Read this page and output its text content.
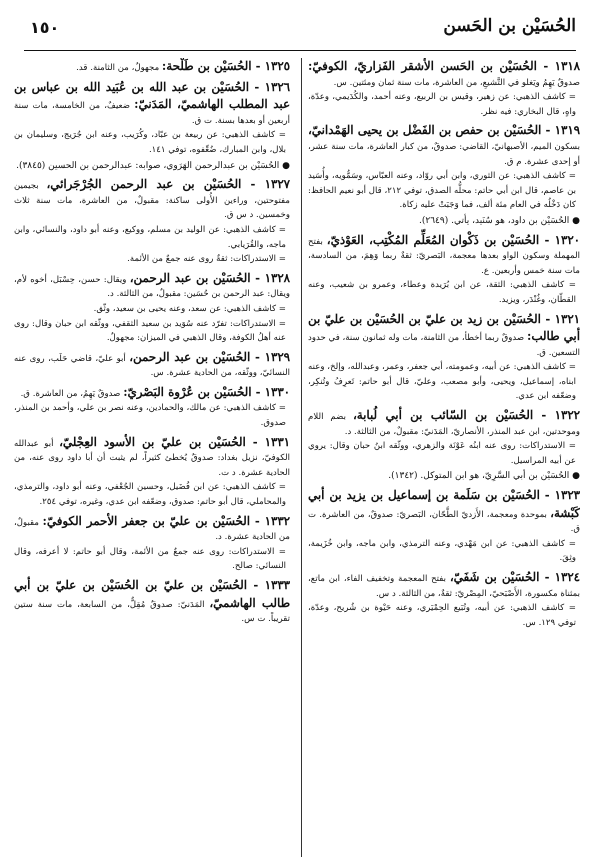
الحُسَيْن بن الحَسن
١٥٠

١٣١٨ - الحُسَيْن بن الحَسن الأشقر الفَزاريّ، الكوفيّ: صدوقٌ يَهِمُ ويَغلو في التَّشيعِ، من العاشرة، مات سنة ثمان ومئتين. س.

= كاشف الذهبي: عن زهير، وقيس بن الربيع، وعنه أحمد، والكُدَيمي، وعدّة، واهٍ، قال البخاري: فيه نظر.

١٣١٩ - الحُسَيْن بن حفص بن الفَضْل بن يحيى الهَمْدانيّ، بسكون الميم، الأصبهانيّ، القاضي: صدوقٌ، من كبار العاشرة، مات سنة عشر، أو إحدى عشرة. م ق.

= كاشف الذهبي: عن الثوري، وابن أبي روّاد، وعنه العبّاس، وسَمُّويه، وأُسَيد بن عاصم، قال ابن أبي حاتم: محلُّه الصدق، توفي ٢١٢، قال أبو نعيم الحافظ: كان دَخْلُه في العام مئة ألف، فما وَجَبَتْ عليه زكاة.

● الحُسَيْن بن داود، هو سُنَيد، يأتي. (٢٦٤٩).

١٣٢٠ - الحُسَيْن بن ذَكْوان المُعَلِّم المُكْتِب، العَوْذيّ، بفتح المهملة وسكون الواو بعدها معجمة، البَصريّ: ثقةٌ ربما وَهِمَ، من السادسة، مات سنة خمس وأربعين. ع.

= كاشف الذهبي: الثقة، عن ابن بُرَيدة وعطاء، وعمرو بن شعيب، وعنه القطّان، وغُنْدَر، ويزيد.

١٣٢١ - الحُسَيْن بن زيد بن عليّ بن الحُسَيْن بن عليّ بن أبي طالب: صدوقٌ ربما أخطأ، من الثامنة، مات وله ثمانون سنة، في حدود التسعين. ق.

= كاشف الذهبي: عن أبيه، وعمومته، أبي جعفر، وعمر، وعبدالله، وإلخ، وعنه ابناه، إسماعيل، ويحيى، وأبو مصعب، وعليّ، قال أبو حاتم: تَعرِفُ وتُنكِر، وضعّفه ابن عدي.

١٣٢٢ - الحُسَيْن بن السّائب بن أبي لُبابة، بضم اللام وموحدتين، ابن عبد المنذر، الأنصاريّ، المَدَنيّ: مقبولٌ، من الثالثة. د.

= الاستدراكات: روى عنه ابنُه عَوْنَة والزهري، ووثّقه ابنُ حبان وقال: يروي عن أبيه المراسيل.

● الحُسَيْن بن أبي السَّرِيّ، هو ابن المتوكل. (١٣٤٢).

١٣٢٣ - الحُسَيْن بن سَلَمة بن إسماعيل بن يزيد بن أبي كَبْشة، بموحدة ومعجمة، الأَزديّ الطَّحّان، البَصريّ: صدوقٌ، من العاشرة. ت ق.

= كاشف الذهبي: عن ابن مَهْدي، وعنه الترمذي، وابن ماجه، وابن خُزَيمة، وثِقَ.

١٣٢٤ - الحُسَيْن بن شَفَيّ، بفتح المعجمة وتخفيف الفاء، ابن ماتع، بمثناة مكسورة، الأَصْبَحيّ، المِصْريّ: ثقةٌ، من الثالثة. د س.

= كاشف الذهبي: عن أبيه، وتُبَيع الحِمْيَري، وعنه حَيْوة بن شُريح، وعدّة، توفي ١٢٩. س.

١٣٢٥ - الحُسَيْن بن طَلْحة: مجهولٌ، من الثامنة. قد.

١٣٢٦ - الحُسَيْن بن عبد الله بن عُبَيد الله بن عباس بن عبد المطلب الهاشميّ، المَدَنيّ: ضعيفٌ، من الخامسة، مات سنة أربعين أو بعدها بسنة. ت ق.

= كاشف الذهبي: عن ربيعة بن عبّاد، وكُرَيب، وعنه ابن جُرَيج، وسليمان بن بلال، وابن المبارك، ضُعِّفوه، توفي ١٤١.

● الحُسَيْن بن عبدالرحمن الهَرَوي، صوابه: عبدالرحمن بن الحسين (٣٨٤٥).

١٣٢٧ - الحُسَيْن بن عبد الرحمن الجُرْجَرائي، بجيمين مفتوحتين، وراءين الأُولى ساكنة: مقبولٌ، من العاشرة، مات سنة ثلاث وخمسين. د س ق.

= كاشف الذهبي: عن الوليد بن مسلم، ووكيع، وعنه أبو داود، والنسائي، وابن ماجه، والقُرَيابي.

= الاستدراكات: ثقةٌ روى عنه جمعٌ من الأئمة.

١٣٢٨ - الحُسَيْن بن عبد الرحمن، ويقال: حسن، حِسْبَل، أخوه لأم، ويقال: عبد الرحمن بن حُسَين: مقبولٌ، من الثالثة. د.

= كاشف الذهبي: عن سعد، وعنه يحيى بن سعيد، وثّق.

= الاستدراكات: تفرّد عنه سُوَيد بن سعيد الثقفي، ووثّقه ابن حبان وقال: روى عنه أهلُ الكوفة، وقال الذهبي في الميزان: مجهولٌ.

١٣٢٩ - الحُسَيْن بن عبد الرحمن، أبو عليّ، قاضي حَلَب، روى عنه النسائيّ، ووثّقه، من الحادية عشرة. س.

١٣٣٠ - الحُسَيْن بن عُرْوة البَصْريّ: صدوقٌ يَهِمُ، من العاشرة. ق.

= كاشف الذهبي: عن مالك، والحمادين، وعنه نصر بن علي، وأحمد بن المنذر، صدوق.

١٣٣١ - الحُسَيْن بن عليّ بن الأسود العِجْليّ، أبو عبدالله الكوفيّ، نزيل بغداد: صدوقٌ يُخطئ كثيراً، لم يثبت أن أبا داود روى عنه، من الحادية عشرة. د ت.

= كاشف الذهبي: عن ابن فُضَيل، وحسين الجُعْفي، وعنه أبو داود، والترمذي، والمحاملي، قال أبو حاتم: صدوق، وضعّفه ابن عدي، وغيره، توفي ٢٥٤.

١٣٣٢ - الحُسَيْن بن عليّ بن جعفر الأحمر الكوفيّ: مقبولٌ، من الحادية عشرة. د.

= الاستدراكات: روى عنه جمعٌ من الأئمة، وقال أبو حاتم: لا أعرفه، وقال النسائي: صالح.

١٣٣٣ - الحُسَيْن بن عليّ بن الحُسَيْن بن عليّ بن أبي طالب الهاشميّ، المَدَنيّ: صدوقٌ مُقِلٌّ، من السابعة، مات سنة ستين تقريباً. ت س.
